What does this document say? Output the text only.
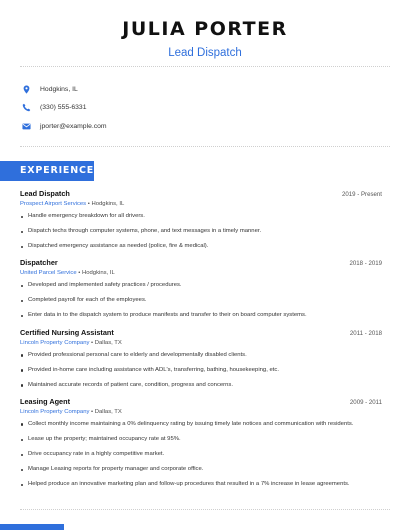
JULIA PORTER
Lead Dispatch
Hodgkins, IL
(330) 555-6331
jporter@example.com
EXPERIENCE
Lead Dispatch	2019 - Present
Prospect Airport Services • Hodgkins, IL
Handle emergency breakdown for all drivers.
Dispatch techs through computer systems, phone, and text messages in a timely manner.
Dispatched emergency assistance as needed (police, fire & medical).
Dispatcher	2018 - 2019
United Parcel Service • Hodgkins, IL
Developed and implemented safety practices / procedures.
Completed payroll for each of the employees.
Enter data in to the dispatch system to produce manifests and transfer to their on board computer systems.
Certified Nursing Assistant	2011 - 2018
Lincoln Property Company • Dallas, TX
Provided professional personal care to elderly and developmentally disabled clients.
Provided in-home care including assistance with ADL's, transferring, bathing, housekeeping, etc.
Maintained accurate records of patient care, condition, progress and concerns.
Leasing Agent	2009 - 2011
Lincoln Property Company • Dallas, TX
Collect monthly income maintaining a 0% delinquency rating by issuing timely late notices and communication with residents.
Lease up the property; maintained occupancy rate at 95%.
Drive occupancy rate in a highly competitive market.
Manage Leasing reports for property manager and corporate office.
Helped produce an innovative marketing plan and follow-up procedures that resulted in a 7% increase in lease agreements.
